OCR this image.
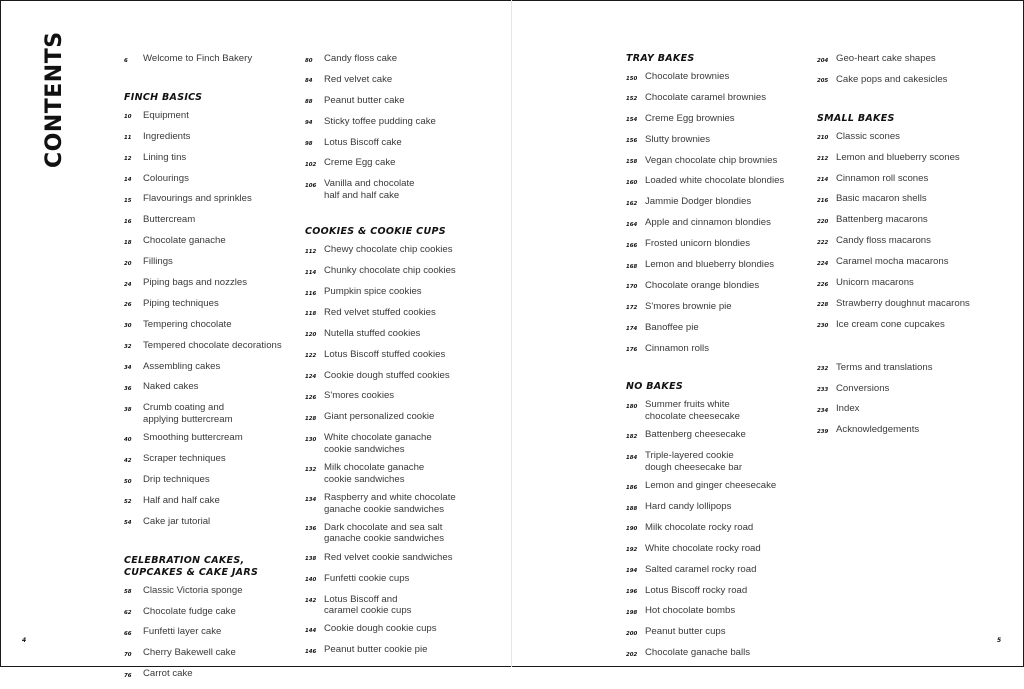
CONTENTS	6	Welcome to Finch Bakery
FINCH BASICS
10	Equipment
11	Ingredients
12	Lining tins
14	Colourings
15	Flavourings and sprinkles
16	Buttercream
18	Chocolate ganache
20	Fillings
24	Piping bags and nozzles
26	Piping techniques
30	Tempering chocolate
32	Tempered chocolate decorations
34	Assembling cakes
36	Naked cakes
38	Crumb coating and
applying buttercream
40	Smoothing buttercream
42	Scraper techniques
50	Drip techniques
52	Half and half cake
54	Cake jar tutorial
CELEBRATION CAKES,
CUPCAKES & CAKE JARS
58	Classic Victoria sponge
62	Chocolate fudge cake
66	Funfetti layer cake
70	Cherry Bakewell cake
76	Carrot cake
80	Candy floss cake
84	Red velvet cake
88	Peanut butter cake
94	Sticky toffee pudding cake
98	Lotus Biscoff cake
102 Creme Egg cake
106 Vanilla and chocolate
half and half cake
COOKIES & COOKIE CUPS
112 Chewy chocolate chip cookies
114 Chunky chocolate chip cookies
116 Pumpkin spice cookies
118 Red velvet stuffed cookies
120 Nutella stuffed cookies
122 Lotus Biscoff stuffed cookies
124 Cookie dough stuffed cookies
126 S'mores cookies
128 Giant personalized cookie
130 White chocolate ganache
cookie sandwiches
132 Milk chocolate ganache
cookie sandwiches
134 Raspberry and white chocolate
ganache cookie sandwiches
136 Dark chocolate and sea salt
ganache cookie sandwiches
138 Red velvet cookie sandwiches
140 Funfetti cookie cups
142 Lotus Biscoff and
caramel cookie cups
144 Cookie dough cookie cups
146 Peanut butter cookie pie
TRAY BAKES
150 Chocolate brownies
152 Chocolate caramel brownies
154 Creme Egg brownies
156 Slutty brownies
158 Vegan chocolate chip brownies
160 Loaded white chocolate blondies
162 Jammie Dodger blondies
164 Apple and cinnamon blondies
166 Frosted unicorn blondies
168 Lemon and blueberry blondies
170 Chocolate orange blondies
172 S'mores brownie pie
174 Banoffee pie
176 Cinnamon rolls
NO BAKES
180 Summer fruits white
chocolate cheesecake
182 Battenberg cheesecake
184 Triple-layered cookie
dough cheesecake bar
186 Lemon and ginger cheesecake
188 Hard candy lollipops
190 Milk chocolate rocky road
192 White chocolate rocky road
194 Salted caramel rocky road
196 Lotus Biscoff rocky road
198 Hot chocolate bombs
200 Peanut butter cups
202 Chocolate ganache balls
204 Geo-heart cake shapes
205 Cake pops and cakesicles
SMALL BAKES
210 Classic scones
212 Lemon and blueberry scones
214 Cinnamon roll scones
216 Basic macaron shells
220 Battenberg macarons
222 Candy floss macarons
224 Caramel mocha macarons
226 Unicorn macarons
228 Strawberry doughnut macarons
230 Ice cream cone cupcakes
232 Terms and translations
233 Conversions
234 Index
239 Acknowledgements
4	5
